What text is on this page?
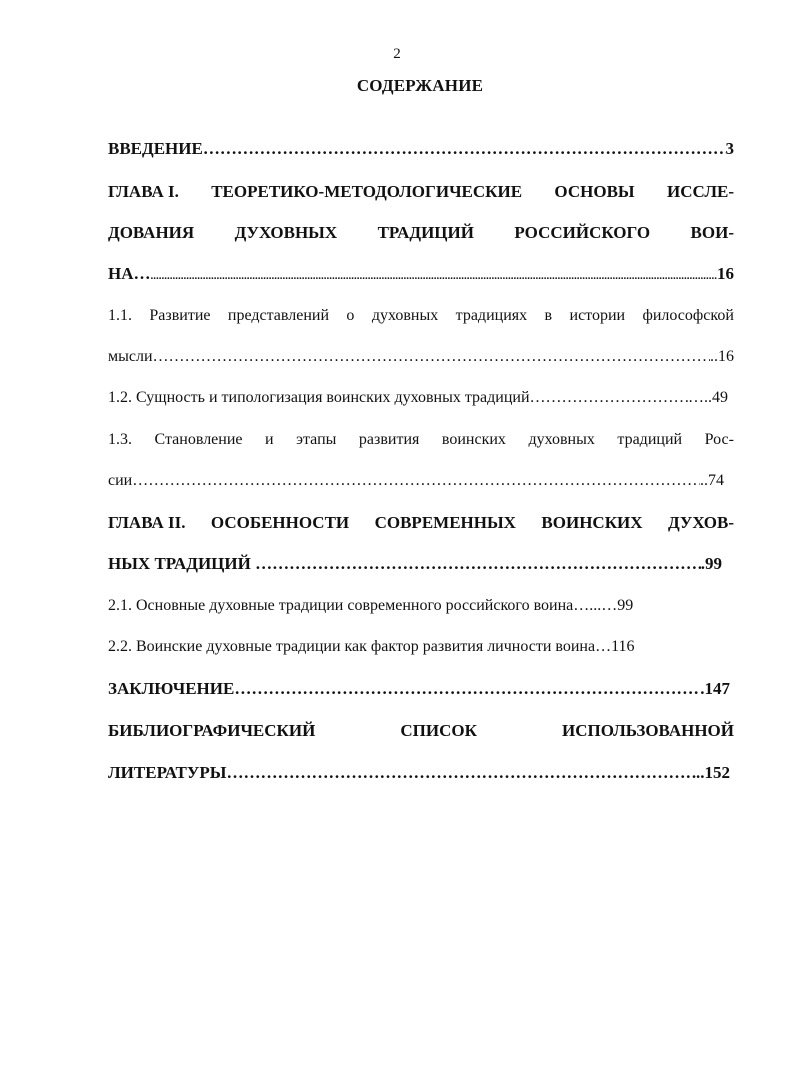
2
СОДЕРЖАНИЕ
ВВЕДЕНИЕ ……………………………………………………………………………………………………………………………………………………………………………………………………………………	3
ГЛАВА I. ТЕОРЕТИКО-МЕТОДОЛОГИЧЕСКИЕ ОСНОВЫ ИССЛЕ-
ДОВАНИЯ ДУХОВНЫХ ТРАДИЦИЙ РОССИЙСКОГО ВОИ-
НА… .....	16
1.1. Развитие представлений о духовных традициях в истории философской
мысли ……………………………………………………………………………………………………………………………………………………………………………………………………………………	..16
1.2. Сущность и типологизация воинских духовных традиций ……………………………………………………………………………………………………………………………………………………………………………………………………………………	…..49
1.3. Становление и этапы развития воинских духовных традиций Рос-
сии ……………………………………………………………………………………………………………………………………………………………………………………………………………………	..74
ГЛАВА II. ОСОБЕННОСТИ СОВРЕМЕННЫХ ВОИНСКИХ ДУХОВ-
НЫХ ТРАДИЦИЙ ……………………………………………………………………………………………………………………………………………………………………………………………………………………	.99
2.1. Основные духовные традиции современного российского воина …...…99
2.2. Воинские духовные традиции как фактор развития личности воина …116
ЗАКЛЮЧЕНИЕ ……………………………………………………………………………………………………………………………………………………………………………………………………………………	.147
БИБЛИОГРАФИЧЕСКИЙ	СПИСОК	ИСПОЛЬЗОВАННОЙ
ЛИТЕРАТУРЫ ……………………………………………………………………………………………………………………………………………………………………………………………………………………	..152
